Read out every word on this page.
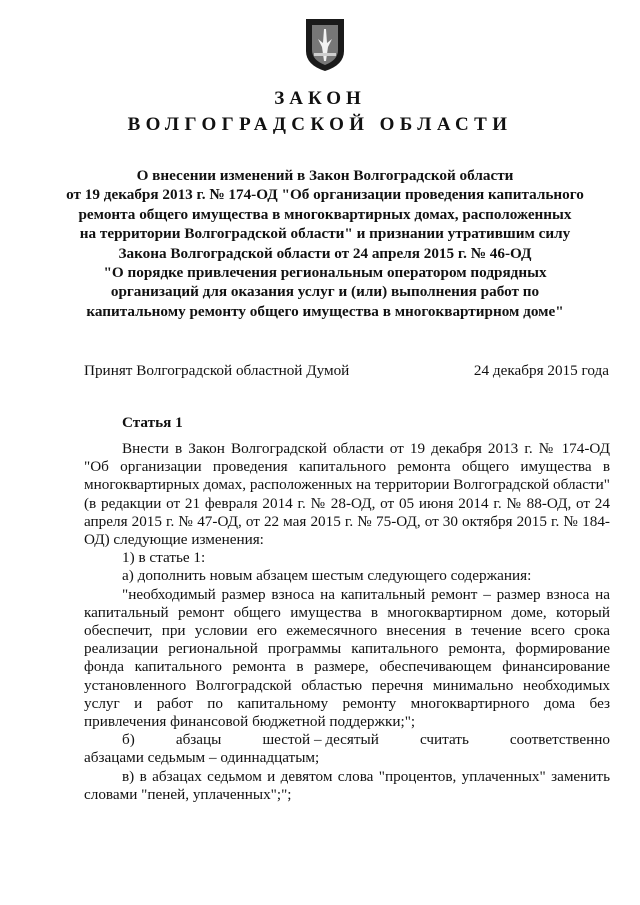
ЗАКОН
ВОЛГОГРАДСКОЙ ОБЛАСТИ
О внесении изменений в Закон Волгоградской области
от 19 декабря 2013 г. № 174-ОД "Об организации проведения капитального
ремонта общего имущества в многоквартирных домах, расположенных
на территории Волгоградской области" и признании утратившим силу
Закона Волгоградской области от 24 апреля 2015 г. № 46-ОД
"О порядке привлечения региональным оператором подрядных
организаций для оказания услуг и (или) выполнения работ по
капитальному ремонту общего имущества в многоквартирном доме"
Принят Волгоградской областной Думой	24 декабря 2015 года
Статья 1

Внести в Закон Волгоградской области от 19 декабря 2013 г. № 174-ОД "Об организации проведения капитального ремонта общего имущества в многоквартирных домах, расположенных на территории Волгоградской области" (в редакции от 21 февраля 2014 г. № 28-ОД, от 05 июня 2014 г. № 88-ОД, от 24 апреля 2015 г. № 47-ОД, от 22 мая 2015 г. № 75-ОД, от 30 октября 2015 г. № 184-ОД) следующие изменения:

1) в статье 1:

а) дополнить новым абзацем шестым следующего содержания:

"необходимый размер взноса на капитальный ремонт – размер взноса на капитальный ремонт общего имущества в многоквартирном доме, который обеспечит, при условии его ежемесячного внесения в течение всего срока реализации региональной программы капитального ремонта, формирование фонда капитального ремонта в размере, обеспечивающем финансирование установленного Волгоградской областью перечня минимально необходимых услуг и работ по капитальному ремонту многоквартирного дома без привлечения финансовой бюджетной поддержки;";

б)	абзацы	шестой – десятый	считать	соответственно

абзацами седьмым – одиннадцатым;

в) в абзацах седьмом и девятом слова "процентов, уплаченных" заменить словами "пеней, уплаченных";";
